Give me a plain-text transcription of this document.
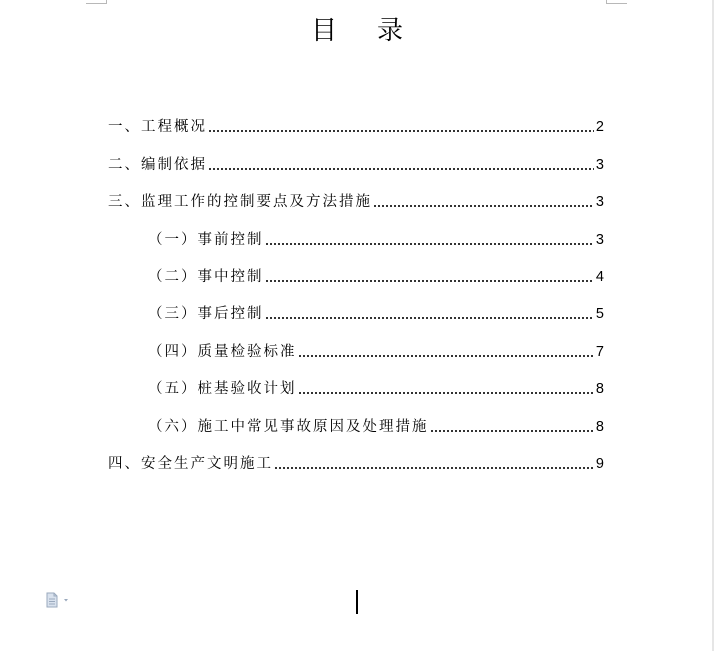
目录
一、工程概况	2
二、编制依据	3
三、监理工作的控制要点及方法措施	3
（一）事前控制	3
（二）事中控制	4
（三）事后控制	5
（四）质量检验标准	7
（五）桩基验收计划	8
（六）施工中常见事故原因及处理措施	8
四、安全生产文明施工	9
